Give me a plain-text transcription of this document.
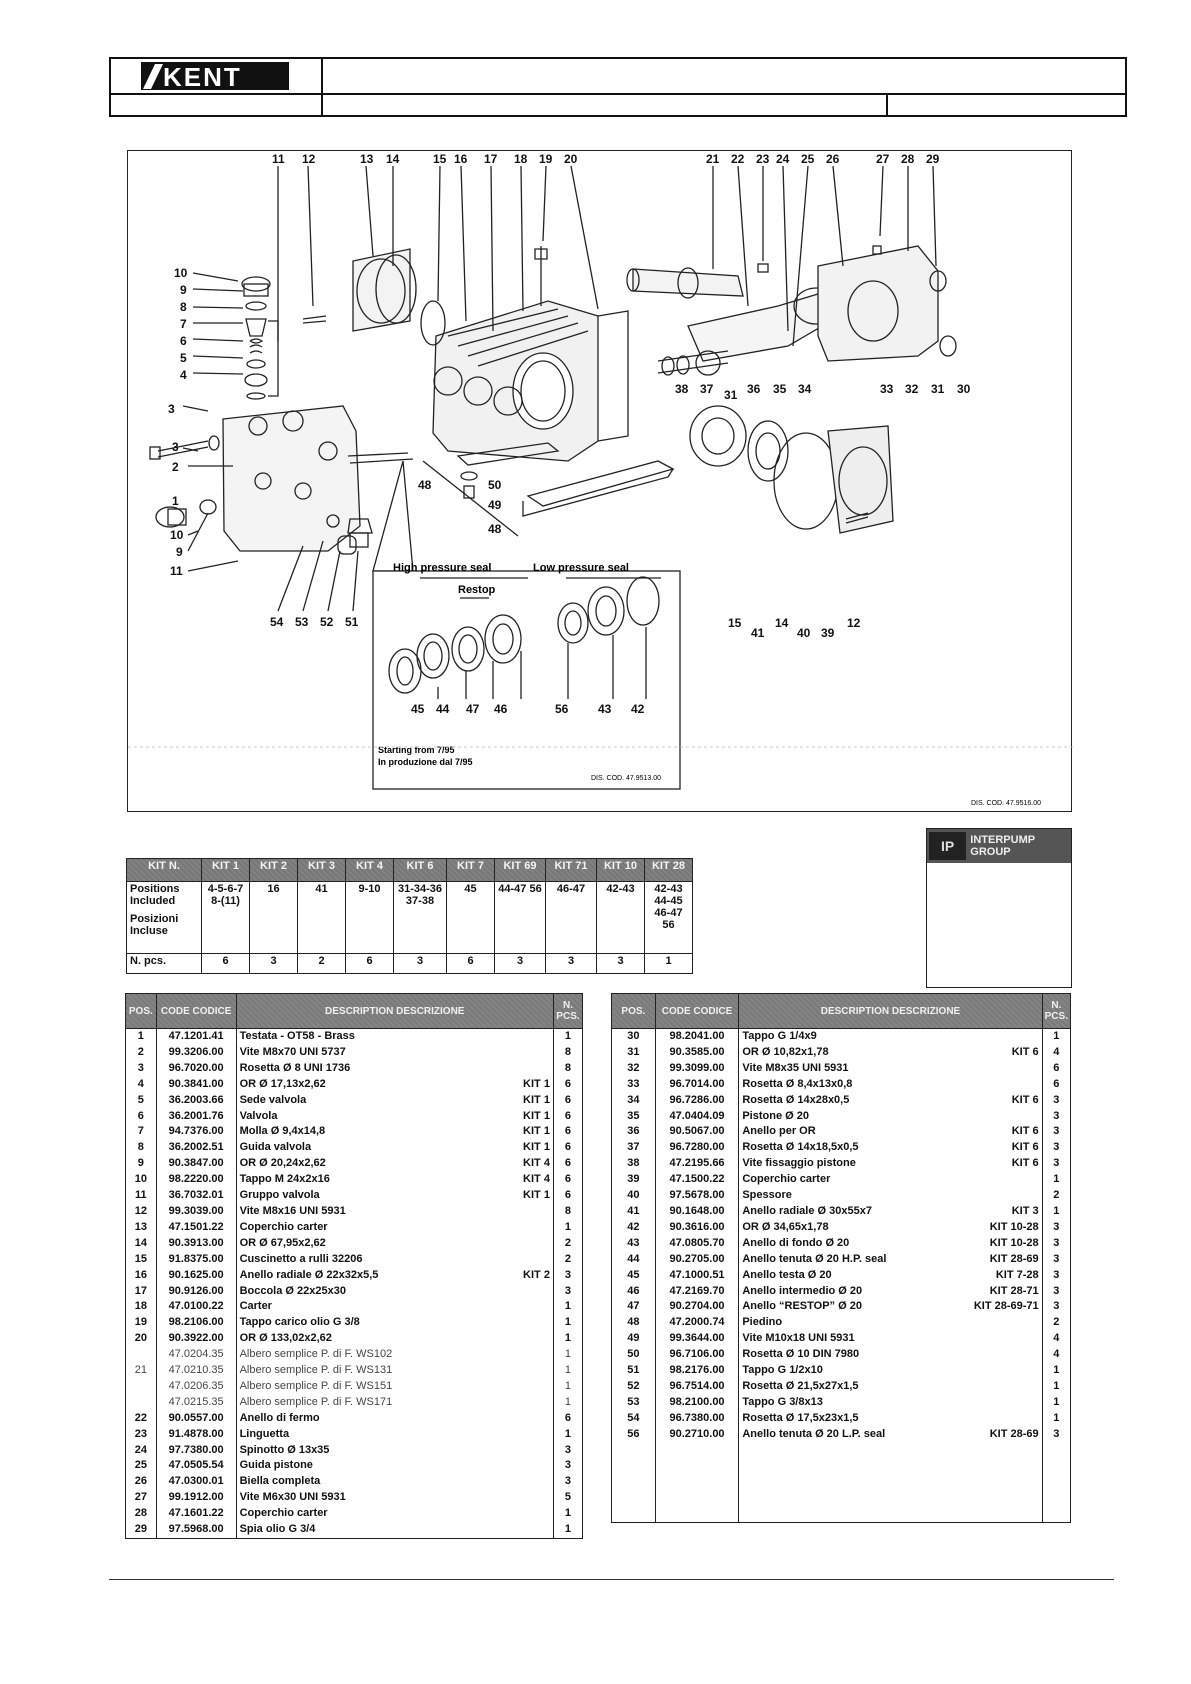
KENT
11 12	13 14	15 16 17 18 19 20	21 22 23 24 25 26	27 28 29
10
9
8
7
6
5
4
3
2
1
10
9
11
3
54 53 52 51
38 37 31 36 35 34	33 32 31 30
48	50
49
48
15
41
14
40 39
12
High pressure seal	Low pressure seal
Restop
45 44 47 46	56 43 42
Starting from 7/95
In produzione dal 7/95
DIS. COD. 47.9513.00
DIS. COD. 47.9516.00
KIT N.	KIT 1	KIT 2	KIT 3	KIT 4	KIT 6	KIT 7	KIT 69	KIT 71	KIT 10	KIT 28

Positions Included
Posizioni Incluse	4-5-6-7 8-(11)	16	41	9-10	31-34-36 37-38	45	44-47 56	46-47	42-43	42-43 44-45 46-47 56
N. pcs.	6	3	2	6	3	6	3	3	3	1
IP	INTERPUMP GROUP
POS.	CODE CODICE	DESCRIPTION DESCRIZIONE	N. PCS.
1	47.1201.41	Testata - OT58 - Brass	1
2	99.3206.00	Vite M8x70 UNI 5737	8
3	96.7020.00	Rosetta Ø 8 UNI 1736	8
4	90.3841.00	OR Ø 17,13x2,62 KIT 1	6
5	36.2003.66	Sede valvola KIT 1	6
6	36.2001.76	Valvola KIT 1	6
7	94.7376.00	Molla Ø 9,4x14,8 KIT 1	6
8	36.2002.51	Guida valvola KIT 1	6
9	90.3847.00	OR Ø 20,24x2,62 KIT 4	6
10	98.2220.00	Tappo M 24x2x16 KIT 4	6
11	36.7032.01	Gruppo valvola KIT 1	6
12	99.3039.00	Vite M8x16 UNI 5931	8
13	47.1501.22	Coperchio carter	1
14	90.3913.00	OR Ø 67,95x2,62	2
15	91.8375.00	Cuscinetto a rulli 32206	2
16	90.1625.00	Anello radiale Ø 22x32x5,5 KIT 2	3
17	90.9126.00	Boccola Ø 22x25x30	3
18	47.0100.22	Carter	1
19	98.2106.00	Tappo carico olio G 3/8	1
20	90.3922.00	OR Ø 133,02x2,62	1
	47.0204.35	Albero semplice P. di F. WS102	1
21	47.0210.35	Albero semplice P. di F. WS131	1
	47.0206.35	Albero semplice P. di F. WS151	1
	47.0215.35	Albero semplice P. di F. WS171	1
22	90.0557.00	Anello di fermo	6
23	91.4878.00	Linguetta	1
24	97.7380.00	Spinotto Ø 13x35	3
25	47.0505.54	Guida pistone	3
26	47.0300.01	Biella completa	3
27	99.1912.00	Vite M6x30 UNI 5931	5
28	47.1601.22	Coperchio carter	1
29	97.5968.00	Spia olio G 3/4	1
POS.	CODE CODICE	DESCRIPTION DESCRIZIONE	N. PCS.
30	98.2041.00	Tappo G 1/4x9	1
31	90.3585.00	OR Ø 10,82x1,78 KIT 6	4
32	99.3099.00	Vite M8x35 UNI 5931	6
33	96.7014.00	Rosetta Ø 8,4x13x0,8	6
34	96.7286.00	Rosetta Ø 14x28x0,5 KIT 6	3
35	47.0404.09	Pistone Ø 20	3
36	90.5067.00	Anello per OR KIT 6	3
37	96.7280.00	Rosetta Ø 14x18,5x0,5 KIT 6	3
38	47.2195.66	Vite fissaggio pistone KIT 6	3
39	47.1500.22	Coperchio carter	1
40	97.5678.00	Spessore	2
41	90.1648.00	Anello radiale Ø 30x55x7 KIT 3	1
42	90.3616.00	OR Ø 34,65x1,78 KIT 10-28	3
43	47.0805.70	Anello di fondo Ø 20 KIT 10-28	3
44	90.2705.00	Anello tenuta Ø 20 H.P. seal KIT 28-69	3
45	47.1000.51	Anello testa Ø 20 KIT 7-28	3
46	47.2169.70	Anello intermedio Ø 20 KIT 28-71	3
47	90.2704.00	Anello “RESTOP” Ø 20 KIT 28-69-71	3
48	47.2000.74	Piedino	2
49	99.3644.00	Vite M10x18 UNI 5931	4
50	96.7106.00	Rosetta Ø 10 DIN 7980	4
51	98.2176.00	Tappo G 1/2x10	1
52	96.7514.00	Rosetta Ø 21,5x27x1,5	1
53	98.2100.00	Tappo G 3/8x13	1
54	96.7380.00	Rosetta Ø 17,5x23x1,5	1
56	90.2710.00	Anello tenuta Ø 20 L.P. seal KIT 28-69	3
